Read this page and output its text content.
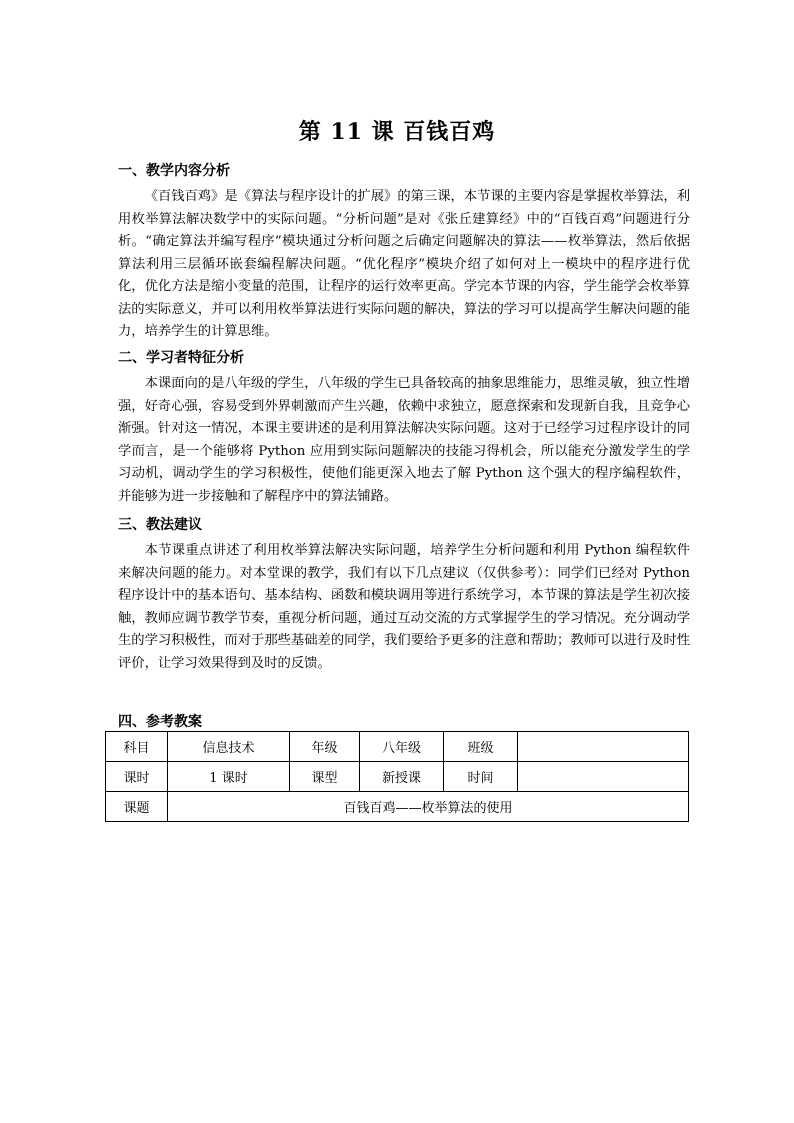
第 11 课 百钱百鸡
一、教学内容分析

《百钱百鸡》是《算法与程序设计的扩展》的第三课，本节课的主要内容是掌握枚举算法，利用枚举算法解决数学中的实际问题。“分析问题”是对《张丘建算经》中的“百钱百鸡”问题进行分析。“确定算法并编写程序”模块通过分析问题之后确定问题解决的算法——枚举算法，然后依据算法利用三层循环嵌套编程解决问题。“优化程序”模块介绍了如何对上一模块中的程序进行优化，优化方法是缩小变量的范围，让程序的运行效率更高。学完本节课的内容，学生能学会枚举算法的实际意义，并可以利用枚举算法进行实际问题的解决，算法的学习可以提高学生解决问题的能力，培养学生的计算思维。

二、学习者特征分析

本课面向的是八年级的学生，八年级的学生已具备较高的抽象思维能力，思维灵敏，独立性增强，好奇心强，容易受到外界刺激而产生兴趣，依赖中求独立，愿意探索和发现新自我，且竞争心渐强。针对这一情况，本课主要讲述的是利用算法解决实际问题。这对于已经学习过程序设计的同学而言，是一个能够将 Python 应用到实际问题解决的技能习得机会，所以能充分激发学生的学习动机，调动学生的学习积极性，使他们能更深入地去了解 Python 这个强大的程序编程软件，并能够为进一步接触和了解程序中的算法铺路。

三、教法建议

本节课重点讲述了利用枚举算法解决实际问题，培养学生分析问题和利用 Python 编程软件来解决问题的能力。对本堂课的教学，我们有以下几点建议（仅供参考）：同学们已经对 Python 程序设计中的基本语句、基本结构、函数和模块调用等进行系统学习，本节课的算法是学生初次接触，教师应调节教学节奏，重视分析问题，通过互动交流的方式掌握学生的学习情况。充分调动学生的学习积极性，而对于那些基础差的同学，我们要给予更多的注意和帮助；教师可以进行及时性评价，让学习效果得到及时的反馈。

四、参考教案
科目	信息技术	年级	八年级	班级	
课时	1 课时	课型	新授课	时间	
课题	百钱百鸡——枚举算法的使用				
